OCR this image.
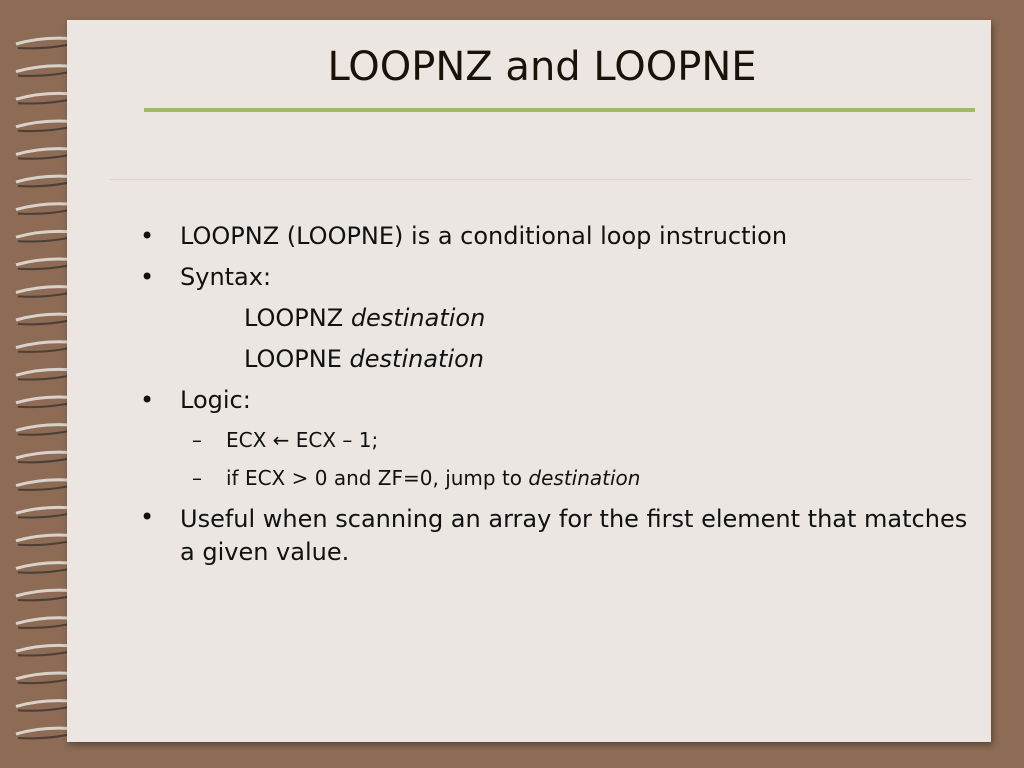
LOOPNZ and LOOPNE
• LOOPNZ (LOOPNE) is a conditional loop instruction
• Syntax:
LOOPNZ destination
LOOPNE destination
• Logic:
– ECX ← ECX – 1;
– if ECX > 0 and ZF=0, jump to destination
• Useful when scanning an array for the first element that matches a given value.
